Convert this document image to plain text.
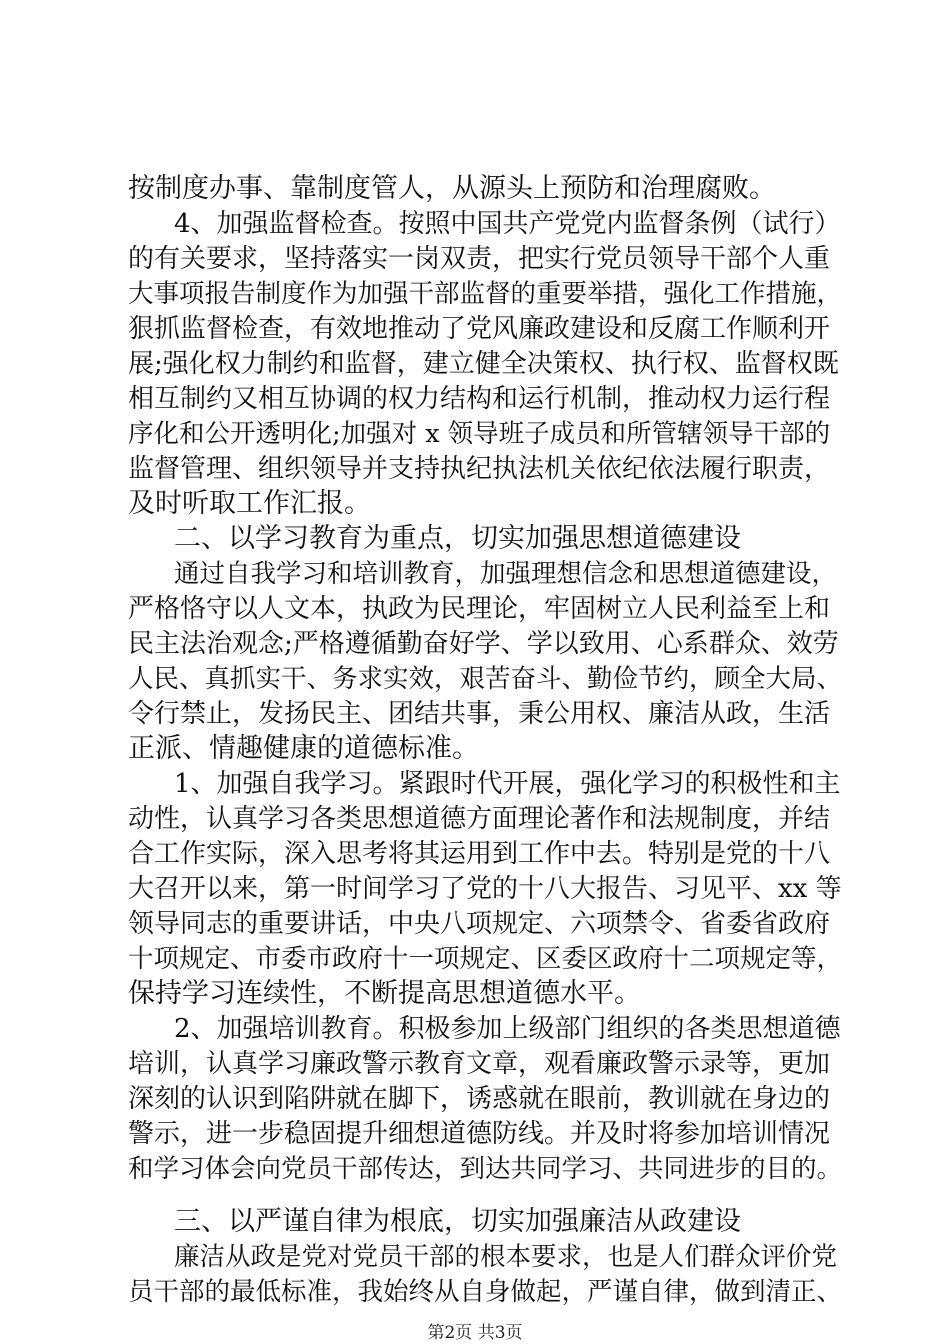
按制度办事、靠制度管人，从源头上预防和治理腐败。
4、加强监督检查。按照中国共产党党内监督条例（试行）
的有关要求，坚持落实一岗双责，把实行党员领导干部个人重
大事项报告制度作为加强干部监督的重要举措，强化工作措施，
狠抓监督检查，有效地推动了党风廉政建设和反腐工作顺利开
展;强化权力制约和监督，建立健全决策权、执行权、监督权既
相互制约又相互协调的权力结构和运行机制，推动权力运行程
序化和公开透明化;加强对 x 领导班子成员和所管辖领导干部的
监督管理、组织领导并支持执纪执法机关依纪依法履行职责，
及时听取工作汇报。
二、以学习教育为重点，切实加强思想道德建设
通过自我学习和培训教育，加强理想信念和思想道德建设，
严格恪守以人文本，执政为民理论，牢固树立人民利益至上和
民主法治观念;严格遵循勤奋好学、学以致用、心系群众、效劳
人民、真抓实干、务求实效，艰苦奋斗、勤俭节约，顾全大局、
令行禁止，发扬民主、团结共事，秉公用权、廉洁从政，生活
正派、情趣健康的道德标准。
1、加强自我学习。紧跟时代开展，强化学习的积极性和主
动性，认真学习各类思想道德方面理论著作和法规制度，并结
合工作实际，深入思考将其运用到工作中去。特别是党的十八
大召开以来，第一时间学习了党的十八大报告、习见平、xx 等
领导同志的重要讲话，中央八项规定、六项禁令、省委省政府
十项规定、市委市政府十一项规定、区委区政府十二项规定等，
保持学习连续性，不断提高思想道德水平。
2、加强培训教育。积极参加上级部门组织的各类思想道德
培训，认真学习廉政警示教育文章，观看廉政警示录等，更加
深刻的认识到陷阱就在脚下，诱惑就在眼前，教训就在身边的
警示，进一步稳固提升细想道德防线。并及时将参加培训情况
和学习体会向党员干部传达，到达共同学习、共同进步的目的。
三、以严谨自律为根底，切实加强廉洁从政建设
廉洁从政是党对党员干部的根本要求，也是人们群众评价党
员干部的最低标准，我始终从自身做起，严谨自律，做到清正、
第2页 共3页
